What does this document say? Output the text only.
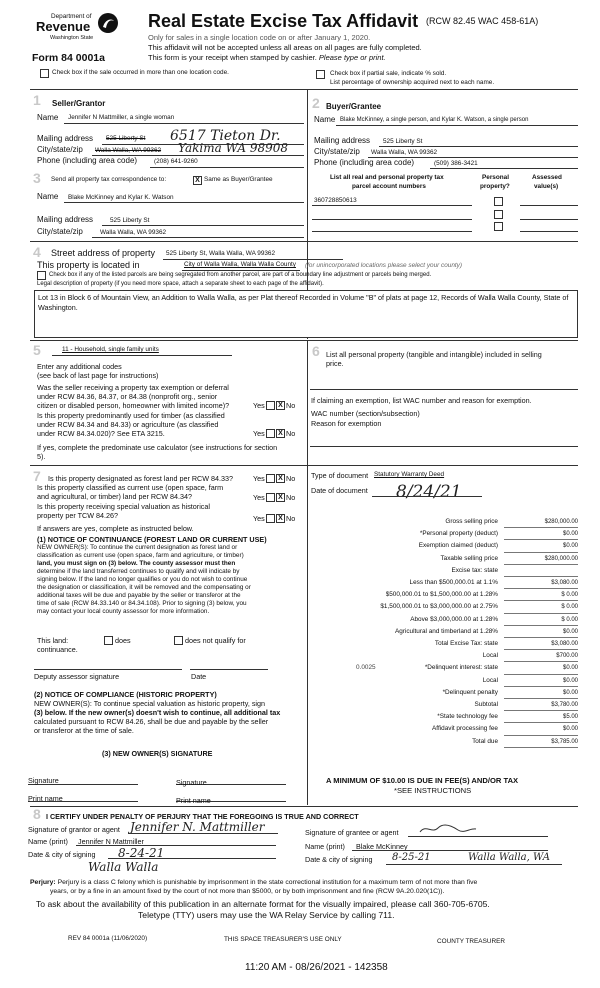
Department of
Revenue
Washington State
Form 84 0001a
Real Estate Excise Tax Affidavit (RCW 82.45 WAC 458-61A)
Only for sales in a single location code on or after January 1, 2020.
This affidavit will not be accepted unless all areas on all pages are fully completed.
This form is your receipt when stamped by cashier. Please type or print.
Check box if the sale occurred in more than one location code.	Check box if partial sale, indicate % sold.
List percentage of ownership acquired next to each name.
1 Seller/Grantor
Name Jennifer N Mattmiller, a single woman
Mailing address 525 Liberty St 6517 Tieton Dr.
City/state/zip Walla Walla, WA 99362 Yakima WA 98908
Phone (including area code)	(208) 641-9260
2 Buyer/Grantee
Name Blake McKinney, a single person, and Kylar K. Watson, a single person
Mailing address 525 Liberty St
City/state/zip Walla Walla, WA 99362
Phone (including area code)	(509) 386-3421
3 Send all property tax correspondence to:	X Same as Buyer/Grantee
Name Blake McKinney and Kylar K. Watson
Mailing address	525 Liberty St
City/state/zip	Walla Walla, WA 99362
List all real and personal property tax
parcel account numbers
Personal
property?
Assessed
value(s)
360728850613
4 Street address of property 525 Liberty St, Walla Walla, WA 99362
This property is located in	City of Walla Walla, Walla Walla County (for unincorporated locations please select your county)
Check box if any of the listed parcels are being segregated from another parcel, are part of a boundary line adjustment or parcels being merged.
Legal description of property (if you need more space, attach a separate sheet to each page of the affidavit).
Lot 13 in Block 6 of Mountain View, an Addition to Walla Walla, as per Plat thereof Recorded in Volume "B" of plats at page 12, Records of Walla Walla County, State of Washington.
5	11 - Household, single family units
Enter any additional codes
(see back of last page for instructions)
Was the seller receiving a property tax exemption or deferral
under RCW 84.36, 84.37, or 84.38 (nonprofit org., senior
citizen or disabled person, homeowner with limited income)?	Yes	X No
Is this property predominantly used for timber (as classified
under RCW 84.34 and 84.33) or agriculture (as classified
under RCW 84.34.020)? See ETA 3215.	Yes	X No
If yes, complete the predominate use calculator (see instructions for section
5).
6 List all personal property (tangible and intangible) included in selling
price.
If claiming an exemption, list WAC number and reason for exemption.
WAC number (section/subsection)
Reason for exemption
7 Is this property designated as forest land per RCW 84.33?	Yes	X No
Is this property classified as current use (open space, farm
and agricultural, or timber) land per RCW 84.34?	Yes	X No
Is this property receiving special valuation as historical
property per TCW 84.26?	Yes	X No
If answers are yes, complete as instructed below.
(1) NOTICE OF CONTINUANCE (FOREST LAND OR CURRENT USE)
NEW OWNER(S): To continue the current designation as forest land or
classification as current use (open space, farm and agriculture, or timber)
land, you must sign on (3) below. The county assessor must then
determine if the land transferred continues to qualify and will indicate by
signing below. If the land no longer qualifies or you do not wish to continue
the designation or classification, it will be removed and the compensating or
additional taxes will be due and payable by the seller or transferor at the
time of sale (RCW 84.33.140 or 84.34.108). Prior to signing (3) below, you
may contact your local county assessor for more information.
This land:
continuance.
does	does not qualify for
Deputy assessor signature	Date
(2) NOTICE OF COMPLIANCE (HISTORIC PROPERTY)
NEW OWNER(S): To continue special valuation as historic property, sign
(3) below. If the new owner(s) doesn't wish to continue, all additional tax
calculated pursuant to RCW 84.26, shall be due and payable by the seller
or transferor at the time of sale.
(3) NEW OWNER(S) SIGNATURE
Signature	Signature
Print name	Print name
Type of document Statutory Warranty Deed
Date of document 8/24/21
Gross selling price	$280,000.00
*Personal property (deduct)	$0.00
Exemption claimed (deduct)	$0.00
Taxable selling price	$280,000.00
Excise tax: state
Less than $500,000.01 at 1.1%	$3,080.00
$500,000.01 to $1,500,000.00 at 1.28%	$ 0.00
$1,500,000.01 to $3,000,000.00 at 2.75%	$ 0.00
Above $3,000,000.00 at 1.28%	$ 0.00
Agricultural and timberland at 1.28%	$0.00
Total Excise Tax: state	$3,080.00
Local	$700.00
*Delinquent interest: state	$0.00
Local	$0.00
*Delinquent penalty	$0.00
Subtotal	$3,780.00
*State technology fee	$5.00
Affidavit processing fee	$0.00
Total due	$3,785.00
0.0025
A MINIMUM OF $10.00 IS DUE IN FEE(S) AND/OR TAX
*SEE INSTRUCTIONS
8 I CERTIFY UNDER PENALTY OF PERJURY THAT THE FOREGOING IS TRUE AND CORRECT
Signature of grantor or agent Jennifer N. Mattmiller
Name (print) Jennifer N Mattmiller
Date & city of signing 8-24-21
Walla Walla
Signature of grantee or agent
Name (print) Blake McKinney
Date & city of signing 8-25-21	Walla Walla, WA
Perjury: Perjury is a class C felony which is punishable by imprisonment in the state correctional institution for a maximum term of not more than five
years, or by a fine in an amount fixed by the court of not more than $5000, or by both imprisonment and fine (RCW 9A.20.020(1C)).
To ask about the availability of this publication in an alternate format for the visually impaired, please call 360-705-6705.
Teletype (TTY) users may use the WA Relay Service by calling 711.
REV 84 0001a (11/06/2020)	THIS SPACE TREASURER'S USE ONLY	COUNTY TREASURER
11:20 AM - 08/26/2021 - 142358
